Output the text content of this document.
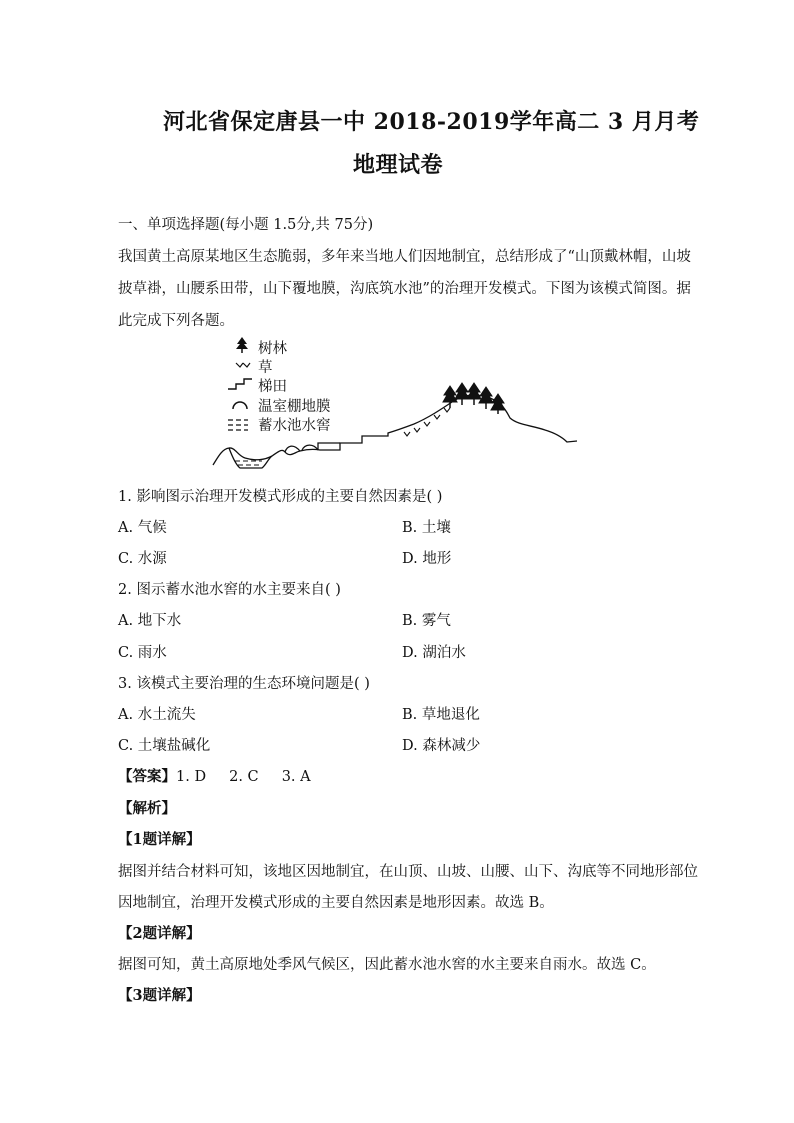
河北省保定唐县一中 2018-2019学年高二 3 月月考
地理试卷
一、单项选择题(每小题 1.5分,共 75分)
我国黄土高原某地区生态脆弱，多年来当地人们因地制宜，总结形成了“山顶戴林帽，山坡
披草褂，山腰系田带，山下覆地膜，沟底筑水池”的治理开发模式。下图为该模式简图。据
此完成下列各题。
树林
草
梯田
温室棚地膜
蓄水池水窖
1. 影响图示治理开发模式形成的主要自然因素是( )
A. 气候	B. 土壤
C. 水源	D. 地形
2. 图示蓄水池水窖的水主要来自( )
A. 地下水	B. 雾气
C. 雨水	D. 湖泊水
3. 该模式主要治理的生态环境问题是( )
A. 水土流失	B. 草地退化
C. 土壤盐碱化	D. 森林减少
【答案】1. D     2. C     3. A
【解析】
【1题详解】
据图并结合材料可知，该地区因地制宜，在山顶、山坡、山腰、山下、沟底等不同地形部位
因地制宜，治理开发模式形成的主要自然因素是地形因素。故选 B。
【2题详解】
据图可知，黄土高原地处季风气候区，因此蓄水池水窖的水主要来自雨水。故选 C。
【3题详解】
